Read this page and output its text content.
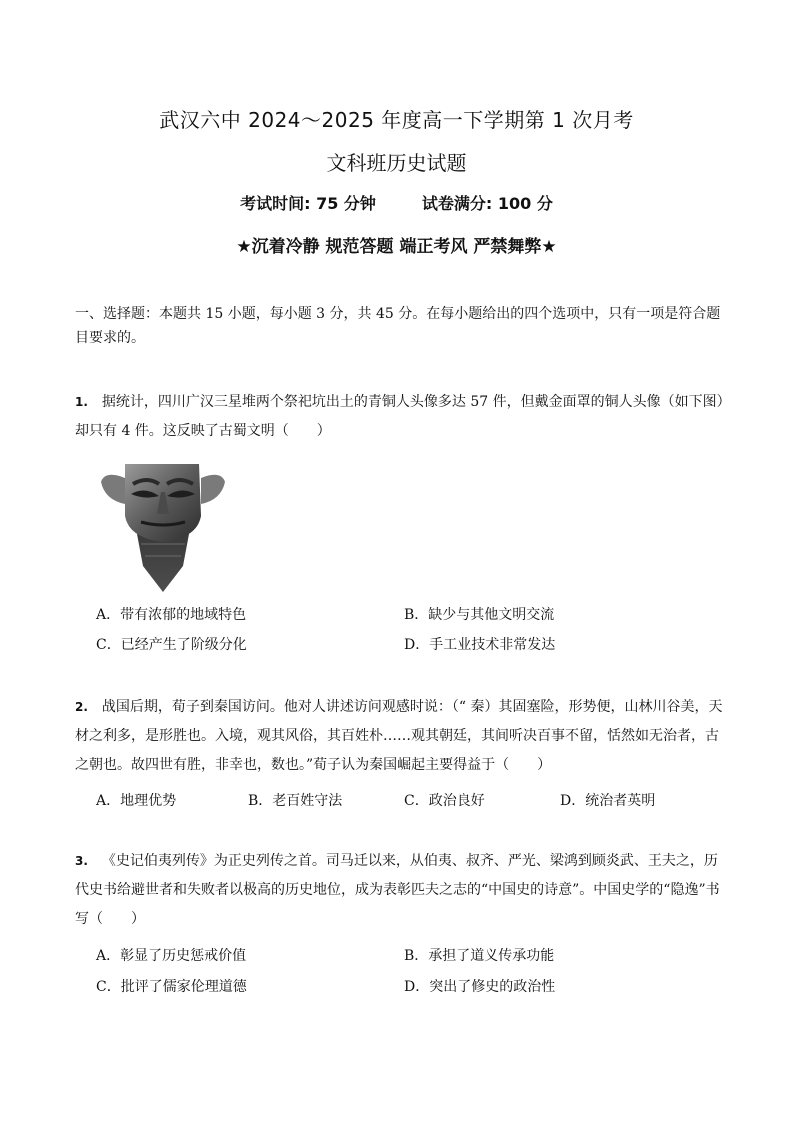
武汉六中 2024～2025 年度高一下学期第 1 次月考
文科班历史试题
考试时间: 75 分钟	试卷满分: 100 分
★沉着冷静 规范答题 端正考风 严禁舞弊★
一、选择题：本题共 15 小题，每小题 3 分，共 45 分。在每小题给出的四个选项中，只有一项是符合题目要求的。
1. 据统计，四川广汉三星堆两个祭祀坑出土的青铜人头像多达 57 件，但戴金面罩的铜人头像（如下图）却只有 4 件。这反映了古蜀文明（　　）
A．带有浓郁的地域特色	B．缺少与其他文明交流
C．已经产生了阶级分化	D．手工业技术非常发达
2. 战国后期，荀子到秦国访问。他对人讲述访问观感时说：（“ 秦）其固塞险，形势便，山林川谷美，天材之利多，是形胜也。入境，观其风俗，其百姓朴……观其朝廷，其间听决百事不留，恬然如无治者，古之朝也。故四世有胜，非幸也，数也。”荀子认为秦国崛起主要得益于（　　）
A．地理优势	B．老百姓守法	C．政治良好	D．统治者英明
3. 《史记伯夷列传》为正史列传之首。司马迁以来，从伯夷、叔齐、严光、梁鸿到顾炎武、王夫之，历代史书给避世者和失败者以极高的历史地位，成为表彰匹夫之志的“中国史的诗意”。中国史学的“隐逸”书写（　　）
A．彰显了历史惩戒价值	B．承担了道义传承功能
C．批评了儒家伦理道德	D．突出了修史的政治性
